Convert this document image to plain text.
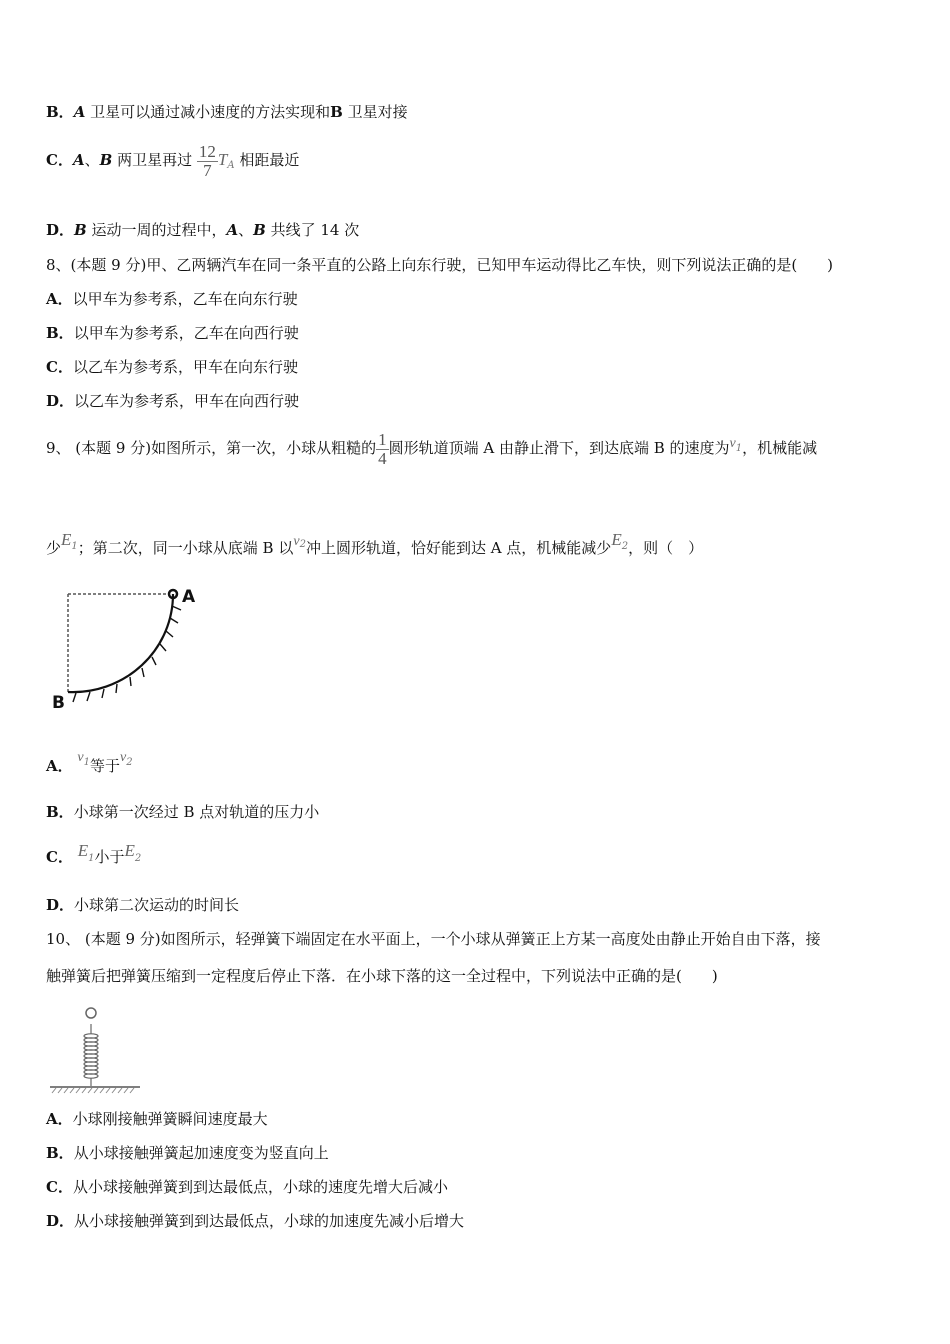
B．A 卫星可以通过减小速度的方法实现和B 卫星对接
C．A、B 两卫星再过 $\frac{12}{7} T_A$ 相距最近
D．B 运动一周的过程中，A、B 共线了 14 次
8、(本题 9 分)甲、乙两辆汽车在同一条平直的公路上向东行驶，已知甲车运动得比乙车快，则下列说法正确的是(　　)
A．以甲车为参考系，乙车在向东行驶
B．以甲车为参考系，乙车在向西行驶
C．以乙车为参考系，甲车在向东行驶
D．以乙车为参考系，甲车在向西行驶
9、 (本题 9 分)如图所示，第一次，小球从粗糙的 $\frac{1}{4}$ 圆形轨道顶端 A 由静止滑下，到达底端 B 的速度为$v^1$，机械能减
少$E^1$；第二次，同一小球从底端 B 以$v^2$冲上圆形轨道，恰好能到达 A 点，机械能减少$E^2$，则（　）
A
B
A． $v^1$等于$v^2$
B．小球第一次经过 B 点对轨道的压力小
C． E1小于E2
D．小球第二次运动的时间长
10、 (本题 9 分)如图所示，轻弹簧下端固定在水平面上，一个小球从弹簧正上方某一高度处由静止开始自由下落，接
触弹簧后把弹簧压缩到一定程度后停止下落．在小球下落的这一全过程中，下列说法中正确的是(　　)
A．小球刚接触弹簧瞬间速度最大
B．从小球接触弹簧起加速度变为竖直向上
C．从小球接触弹簧到到达最低点，小球的速度先增大后减小
D．从小球接触弹簧到到达最低点，小球的加速度先减小后增大
